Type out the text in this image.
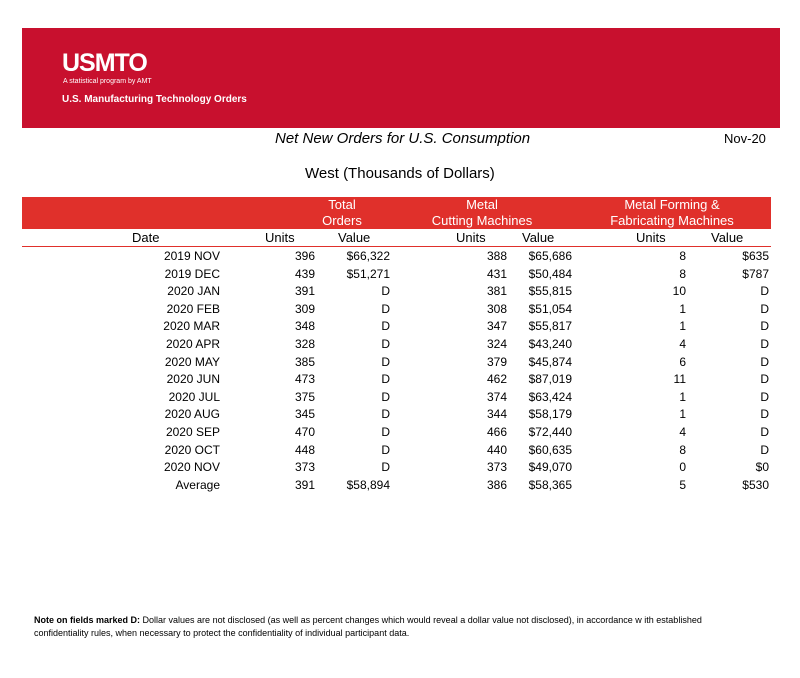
USMTO
A statistical program by AMT
U.S. Manufacturing Technology Orders
Net New Orders for U.S. Consumption	Nov-20
West (Thousands of Dollars)
Total
Orders
Metal
Cutting Machines
Metal Forming &
Fabricating Machines
Date	Units	Value	Units	Value	Units	Value
2019 NOV	396	$66,322	388	$65,686	8	$635
2019 DEC	439	$51,271	431	$50,484	8	$787
2020 JAN	391	D	381	$55,815	10	D
2020 FEB	309	D	308	$51,054	1	D
2020 MAR	348	D	347	$55,817	1	D
2020 APR	328	D	324	$43,240	4	D
2020 MAY	385	D	379	$45,874	6	D
2020 JUN	473	D	462	$87,019	11	D
2020 JUL	375	D	374	$63,424	1	D
2020 AUG	345	D	344	$58,179	1	D
2020 SEP	470	D	466	$72,440	4	D
2020 OCT	448	D	440	$60,635	8	D
2020 NOV	373	D	373	$49,070	0	$0
Average	391	$58,894	386	$58,365	5	$530
Note on fields marked D: Dollar values are not disclosed (as well as percent changes which would reveal a dollar value not disclosed), in accordance w ith established confidentiality rules, when necessary to protect the confidentiality of individual participant data.
